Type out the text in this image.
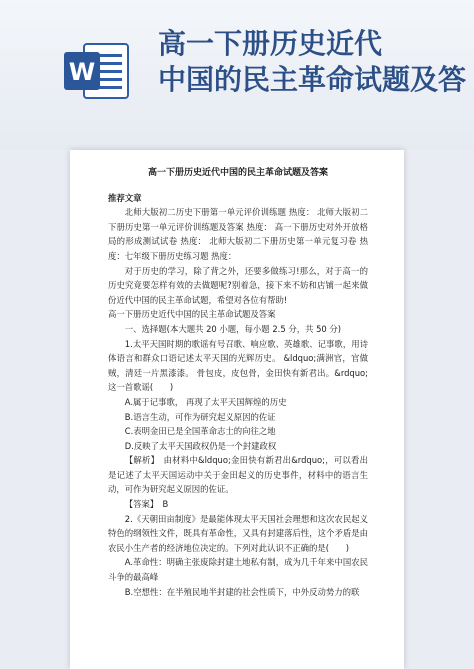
W
高一下册历史近代
中国的民主革命试题及答
高一下册历史近代中国的民主革命试题及答案

推荐文章

北师大版初二历史下册第一单元评价训练题 热度： 北师大版初二下册历史第一单元评价训练题及答案 热度： 高一下册历史对外开放格局的形成测试试卷 热度： 北师大版初二下册历史第一单元复习卷 热度：七年级下册历史练习题 热度：

对于历史的学习，除了背之外，还要多做练习!那么，对于高一的历史究竟要怎样有效的去做题呢?别着急，接下来不妨和店铺一起来做份近代中国的民主革命试题，希望对各位有帮助!

高一下册历史近代中国的民主革命试题及答案

一、选择题(本大题共 20 小题，每小题 2.5 分，共 50 分)

1.太平天国时期的歌谣有号召歌、响应歌、英雄歌、记事歌，用诗体语言和群众口语记述太平天国的光辉历史。 &ldquo;满洲官，官做贼，清廷一片黑漆漆。 骨包皮，皮包骨，金田快有新君出。&rdquo;这一首歌谣(　　)

A.属于记事歌， 再现了太平天国辉煌的历史

B.语言生动，可作为研究起义原因的佐证

C.表明金田已是全国革命志士的向往之地

D.反映了太平天国政权仍是一个封建政权

【解析】　由材料中&ldquo;金田快有新君出&rdquo;，可以看出是记述了太平天国运动中关于金田起义的历史事件，材料中的语言生动，可作为研究起义原因的佐证。

【答案】　B

2.《天朝田亩制度》是最能体现太平天国社会理想和这次农民起义特色的纲领性文件，既具有革命性，又具有封建落后性，这个矛盾是由农民小生产者的经济地位决定的。下列对此认识不正确的是(　　)

A.革命性：明确主张废除封建土地私有制，成为几千年来中国农民斗争的最高峰

B.空想性：在半殖民地半封建的社会性质下，中外反动势力的联
